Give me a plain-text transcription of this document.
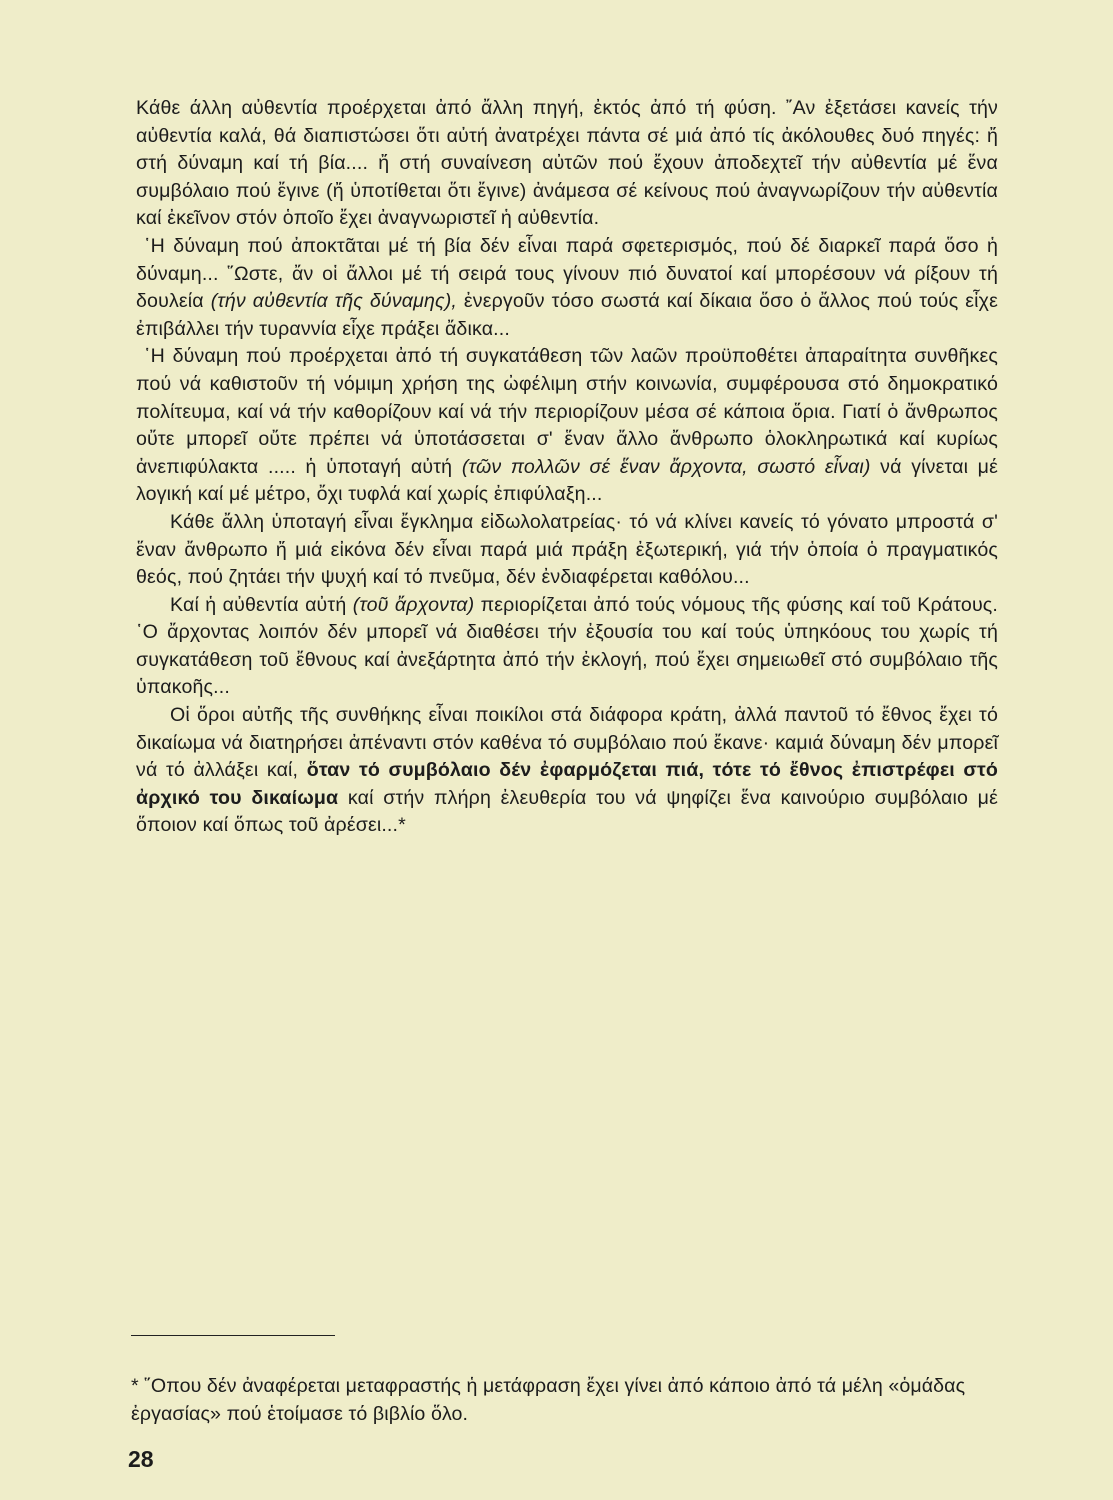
Κάθε άλλη αὐθεντία προέρχεται ἀπό ἄλλη πηγή, ἐκτός ἀπό τή φύση. ῎Αν ἐξετάσει κανείς τήν αὐθεντία καλά, θά διαπιστώσει ὅτι αὐτή ἀνατρέχει πάντα σέ μιά ἀπό τίς ἀκόλουθες δυό πηγές: ἤ στή δύναμη καί τή βία.... ἤ στή συναίνεση αὐτῶν πού ἔχουν ἀποδεχτεῖ τήν αὐθεντία μέ ἕνα συμβόλαιο πού ἔγινε (ἤ ὑποτίθεται ὅτι ἔγινε) ἀνάμεσα σέ κείνους πού ἀναγνωρίζουν τήν αὐθεντία καί ἐκεῖνον στόν ὁποῖο ἔχει ἀναγνωριστεῖ ἡ αὐθεντία.

῾Η δύναμη πού ἀποκτᾶται μέ τή βία δέν εἶναι παρά σφετερισμός, πού δέ διαρκεῖ παρά ὅσο ἡ δύναμη... ῞Ωστε, ἄν οἱ ἄλλοι μέ τή σειρά τους γίνουν πιό δυνατοί καί μπορέσουν νά ρίξουν τή δουλεία (τήν αὐθεντία τῆς δύναμης), ἐνεργοῦν τόσο σωστά καί δίκαια ὅσο ὁ ἄλλος πού τούς εἶχε ἐπιβάλλει τήν τυραννία εἶχε πράξει ἄδικα...

῾Η δύναμη πού προέρχεται ἀπό τή συγκατάθεση τῶν λαῶν προϋποθέτει ἀπαραίτητα συνθῆκες πού νά καθιστοῦν τή νόμιμη χρήση της ὠφέλιμη στήν κοινωνία, συμφέρουσα στό δημοκρατικό πολίτευμα, καί νά τήν καθορίζουν καί νά τήν περιορίζουν μέσα σέ κάποια ὅρια. Γιατί ὁ ἄνθρωπος οὔτε μπορεῖ οὔτε πρέπει νά ὑποτάσσεται σ' ἕναν ἄλλο ἄνθρωπο ὁλοκληρωτικά καί κυρίως ἀνεπιφύλακτα ..... ἡ ὑποταγή αὐτή (τῶν πολλῶν σέ ἕναν ἄρχοντα, σωστό εἶναι) νά γίνεται μέ λογική καί μέ μέτρο, ὄχι τυφλά καί χωρίς ἐπιφύλαξη...

Κάθε ἄλλη ὑποταγή εἶναι ἔγκλημα εἰδωλολατρείας· τό νά κλίνει κανείς τό γόνατο μπροστά σ' ἕναν ἄνθρωπο ἤ μιά εἰκόνα δέν εἶναι παρά μιά πράξη ἐξωτερική, γιά τήν ὁποία ὁ πραγματικός θεός, πού ζητάει τήν ψυχή καί τό πνεῦμα, δέν ἐνδιαφέρεται καθόλου...

Καί ἡ αὐθεντία αὐτή (τοῦ ἄρχοντα) περιορίζεται ἀπό τούς νόμους τῆς φύσης καί τοῦ Κράτους. ῾Ο ἄρχοντας λοιπόν δέν μπορεῖ νά διαθέσει τήν ἐξουσία του καί τούς ὑπηκόους του χωρίς τή συγκατάθεση τοῦ ἔθνους καί ἀνεξάρτητα ἀπό τήν ἐκλογή, πού ἔχει σημειωθεῖ στό συμβόλαιο τῆς ὑπακοῆς...

Οἱ ὅροι αὐτῆς τῆς συνθήκης εἶναι ποικίλοι στά διάφορα κράτη, ἀλλά παντοῦ τό ἔθνος ἔχει τό δικαίωμα νά διατηρήσει ἀπέναντι στόν καθένα τό συμβόλαιο πού ἔκανε· καμιά δύναμη δέν μπορεῖ νά τό ἀλλάξει καί, ὅταν τό συμβόλαιο δέν ἐφαρμόζεται πιά, τότε τό ἔθνος ἐπιστρέφει στό ἀρχικό του δικαίωμα καί στήν πλήρη ἐλευθερία του νά ψηφίζει ἕνα καινούριο συμβόλαιο μέ ὅποιον καί ὅπως τοῦ ἀρέσει...*

* ῞Οπου δέν ἀναφέρεται μεταφραστής ἡ μετάφραση ἔχει γίνει ἀπό κάποιο ἀπό τά μέλη «ὁμάδας ἐργασίας» πού ἑτοίμασε τό βιβλίο ὅλο.
28
